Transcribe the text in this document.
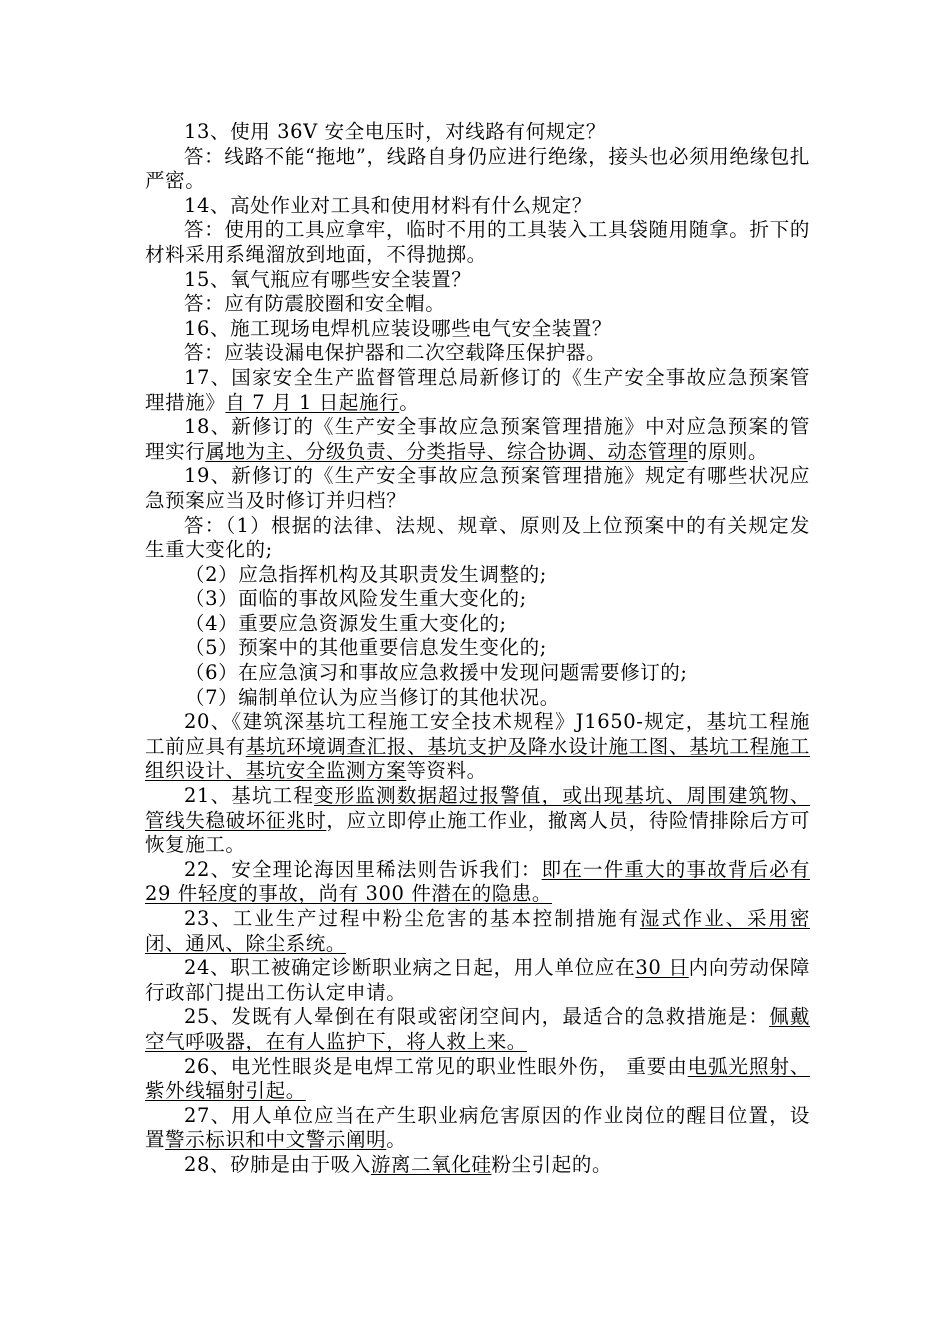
13、使用 36V 安全电压时，对线路有何规定？

答：线路不能“拖地”，线路自身仍应进行绝缘，接头也必须用绝缘包扎严密。

14、高处作业对工具和使用材料有什么规定？

答：使用的工具应拿牢，临时不用的工具装入工具袋随用随拿。折下的材料采用系绳溜放到地面，不得抛掷。

15、氧气瓶应有哪些安全装置？

答：应有防震胶圈和安全帽。

16、施工现场电焊机应装设哪些电气安全装置？

答：应装设漏电保护器和二次空载降压保护器。

17、国家安全生产监督管理总局新修订的《生产安全事故应急预案管理措施》自 7 月 1 日起施行。

18、新修订的《生产安全事故应急预案管理措施》中对应急预案的管理实行属地为主、分级负责、分类指导、综合协调、动态管理的原则。

19、新修订的《生产安全事故应急预案管理措施》规定有哪些状况应急预案应当及时修订并归档？

答：（1）根据的法律、法规、规章、原则及上位预案中的有关规定发生重大变化的;

（2）应急指挥机构及其职责发生调整的;

（3）面临的事故风险发生重大变化的;

（4）重要应急资源发生重大变化的;

（5）预案中的其他重要信息发生变化的;

（6）在应急演习和事故应急救援中发现问题需要修订的;

（7）编制单位认为应当修订的其他状况。

20、《建筑深基坑工程施工安全技术规程》J1650-规定，基坑工程施工前应具有基坑环境调查汇报、基坑支护及降水设计施工图、基坑工程施工组织设计、基坑安全监测方案等资料。

21、基坑工程变形监测数据超过报警值，或出现基坑、周围建筑物、管线失稳破坏征兆时，应立即停止施工作业，撤离人员，待险情排除后方可恢复施工。

22、安全理论海因里稀法则告诉我们：即在一件重大的事故背后必有 29 件轻度的事故，尚有 300 件潜在的隐患。

23、工业生产过程中粉尘危害的基本控制措施有湿式作业、采用密闭、通风、除尘系统。

24、职工被确定诊断职业病之日起，用人单位应在30 日内向劳动保障行政部门提出工伤认定申请。

25、发既有人晕倒在有限或密闭空间内，最适合的急救措施是：佩戴空气呼吸器，在有人监护下，将人救上来。

26、电光性眼炎是电焊工常见的职业性眼外伤， 重要由电弧光照射、紫外线辐射引起。

27、用人单位应当在产生职业病危害原因的作业岗位的醒目位置，设置警示标识和中文警示阐明。

28、矽肺是由于吸入游离二氧化硅粉尘引起的。
